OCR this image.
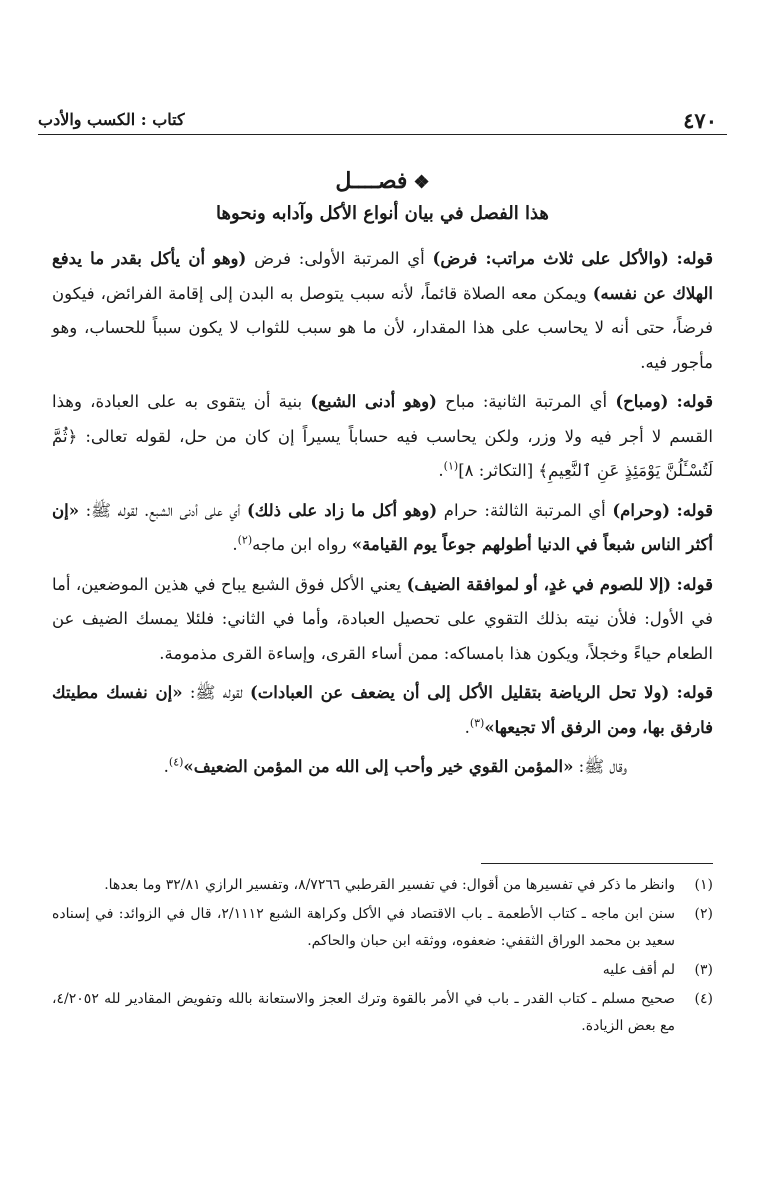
٤٧٠
كتاب : الكسب والأدب
❖فصــــل
هذا الفصل في بيان أنواع الأكل وآدابه ونحوها

قوله: (والأكل على ثلاث مراتب: فرض) أي المرتبة الأولى: فرض (وهو أن يأكل بقدر ما يدفع الهلاك عن نفسه) ويمكن معه الصلاة قائماً، لأنه سبب يتوصل به البدن إلى إقامة الفرائض، فيكون فرضاً، حتى أنه لا يحاسب على هذا المقدار، لأن ما هو سبب للثواب لا يكون سبباً للحساب، وهو مأجور فيه.

قوله: (ومباح) أي المرتبة الثانية: مباح (وهو أدنى الشبع) بنية أن يتقوى به على العبادة، وهذا القسم لا أجر فيه ولا وزر، ولكن يحاسب فيه حساباً يسيراً إن كان من حل، لقوله تعالى: ﴿ثُمَّ لَتُسْـَٔلُنَّ يَوْمَئِذٍ عَنِ ٱلنَّعِيمِ﴾ [التكاثر: ٨]$^{(١)}$.

قوله: (وحرام) أي المرتبة الثالثة: حرام (وهو أكل ما زاد على ذلك) أي على أدنى الشبع. لقوله ﷺ: «إن أكثر الناس شبعاً في الدنيا أطولهم جوعاً يوم القيامة» رواه ابن ماجه$^{(٢)}$.

قوله: (إلا للصوم في غدٍ، أو لموافقة الضيف) يعني الأكل فوق الشبع يباح في هذين الموضعين، أما في الأول: فلأن نيته بذلك التقوي على تحصيل العبادة، وأما في الثاني: فلئلا يمسك الضيف عن الطعام حياءً وخجلاً، ويكون هذا بامساكه: ممن أساء القرى، وإساءة القرى مذمومة.

قوله: (ولا تحل الرياضة بتقليل الأكل إلى أن يضعف عن العبادات) لقوله ﷺ: «إن نفسك مطيتك فارفق بها، ومن الرفق ألا تجيعها»$^{(٣)}$.

وقال ﷺ: «المؤمن القوي خير وأحب إلى الله من المؤمن الضعيف»$^{(٤)}$.

(١)
وانظر ما ذكر في تفسيرها من أقوال: في تفسير القرطبي ٨/٧٢٦٦، وتفسير الرازي ٣٢/٨١ وما بعدها.
(٢)
سنن ابن ماجه ـ كتاب الأطعمة ـ باب الاقتصاد في الأكل وكراهة الشبع ٢/١١١٢، قال في الزوائد: في إسناده سعيد بن محمد الوراق الثقفي: ضعفوه، ووثقه ابن حبان والحاكم.
(٣)
لم أقف عليه
(٤)
صحيح مسلم ـ كتاب القدر ـ باب في الأمر بالقوة وترك العجز والاستعانة بالله وتفويض المقادير لله ٤/٢٠٥٢، مع بعض الزيادة.
